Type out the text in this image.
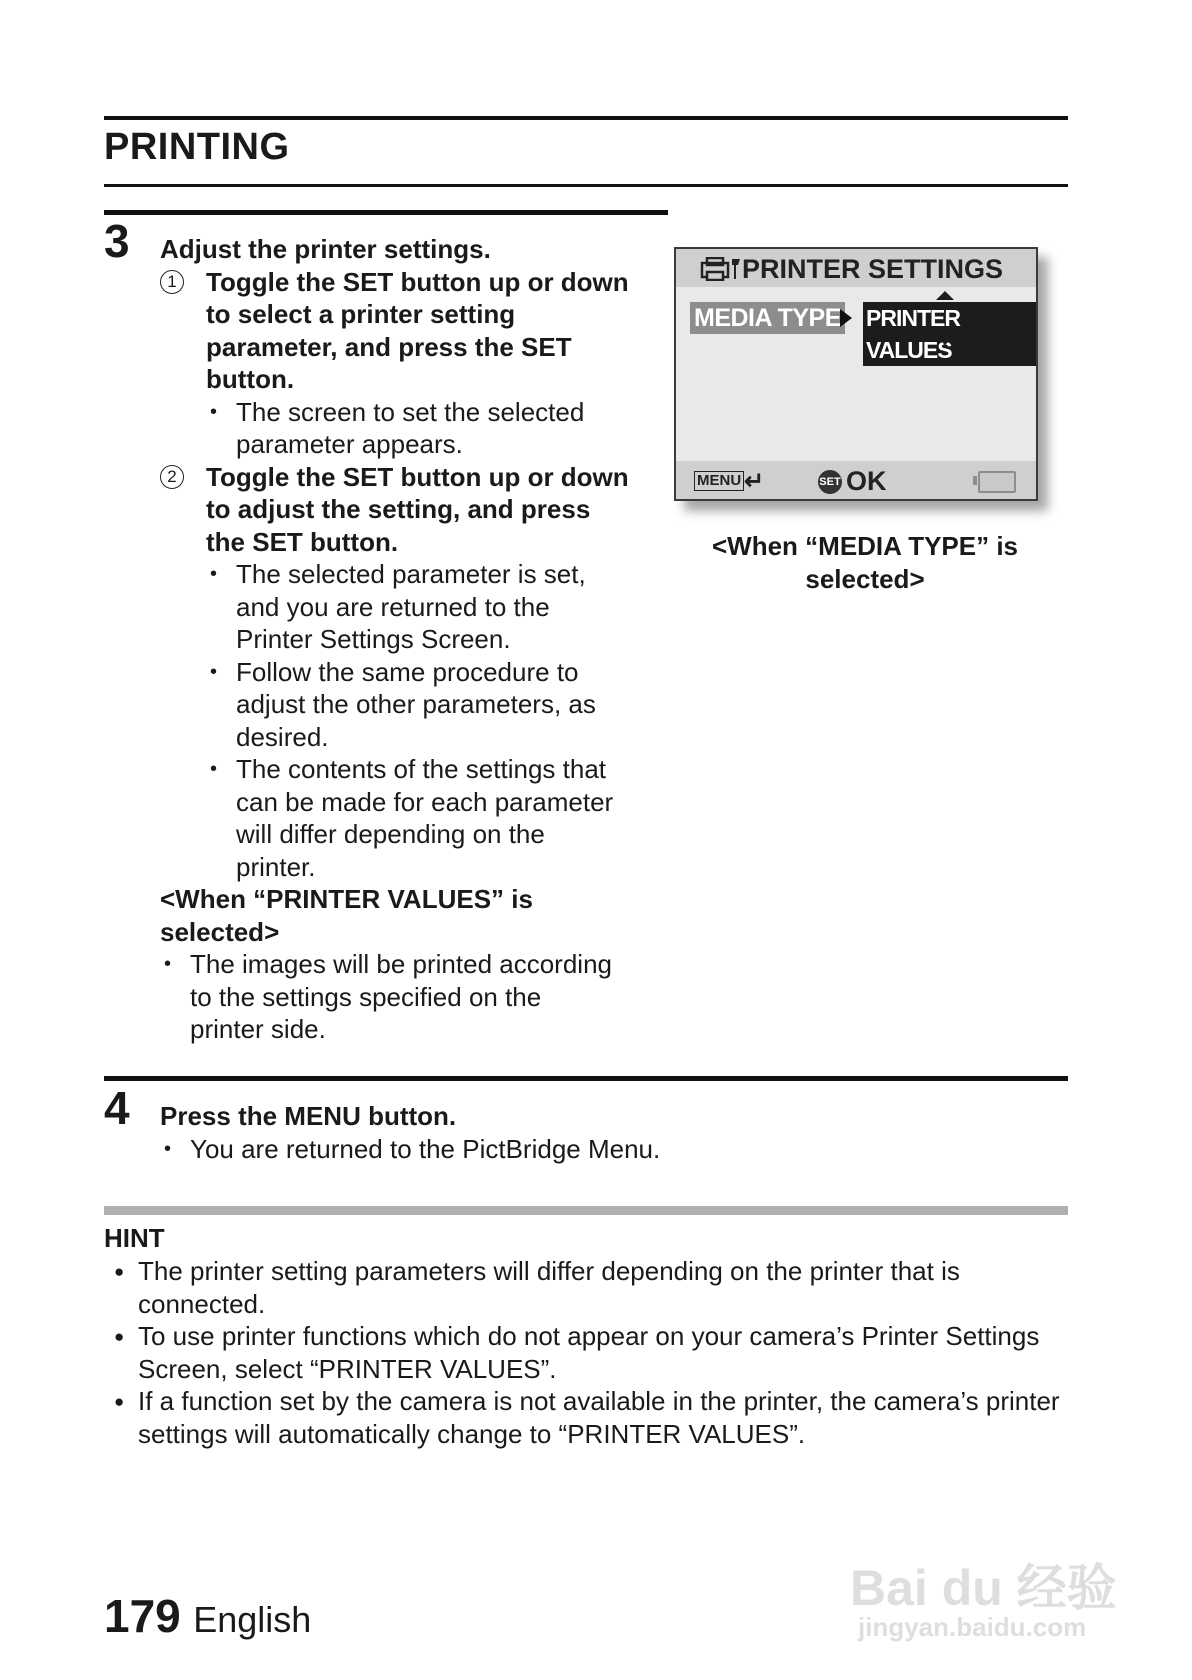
PRINTING
3 Adjust the printer settings.
1 Toggle the SET button up or down to select a printer setting parameter, and press the SET button.
• The screen to set the selected parameter appears.
2 Toggle the SET button up or down to adjust the setting, and press the SET button.
• The selected parameter is set, and you are returned to the Printer Settings Screen.
• Follow the same procedure to adjust the other parameters, as desired.
• The contents of the settings that can be made for each parameter will differ depending on the printer.
<When “PRINTER VALUES” is selected>
• The images will be printed according to the settings specified on the printer side.
PRINTER SETTINGS
MEDIA TYPE PRINTER VALUES
MENU ↵	SET OK
<When “MEDIA TYPE” is selected>
4 Press the MENU button.
• You are returned to the PictBridge Menu.
HINT
● The printer setting parameters will differ depending on the printer that is connected.
● To use printer functions which do not appear on your camera’s Printer Settings Screen, select “PRINTER VALUES”.
● If a function set by the camera is not available in the printer, the camera’s printer settings will automatically change to “PRINTER VALUES”.
179 English
Bai du 经验
jingyan.baidu.com
